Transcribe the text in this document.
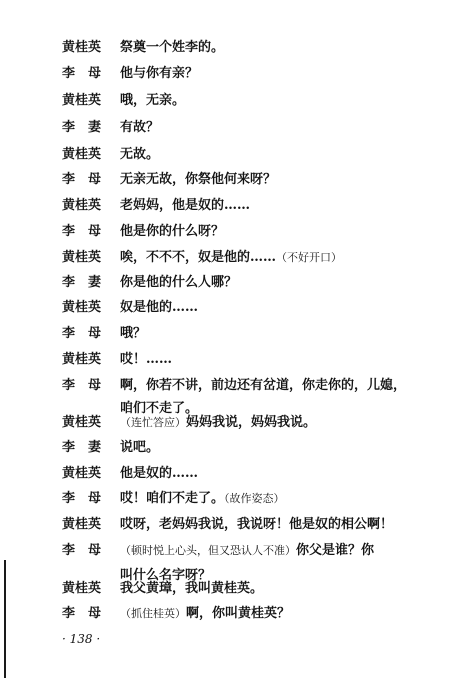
黄桂英 祭奠一个姓李的。
李　母 他与你有亲？
黄桂英 哦，无亲。
李　妻 有故？
黄桂英 无故。
李　母 无亲无故，你祭他何来呀？
黄桂英 老妈妈，他是奴的……
李　母 他是你的什么呀？
黄桂英 唉，不不不，奴是他的……（不好开口）
李　妻 你是他的什么人哪？
黄桂英 奴是他的……
李　母 哦？
黄桂英 哎！……
李　母 啊，你若不讲，前边还有岔道，你走你的，儿媳，
咱们不走了。
黄桂英 （连忙答应）妈妈我说，妈妈我说。
李　妻 说吧。
黄桂英 他是奴的……
李　母 哎！咱们不走了。（故作姿态）
黄桂英 哎呀，老妈妈我说，我说呀！他是奴的相公啊！
李　母 （顿时悦上心头，但又恐认人不准）你父是谁？你
叫什么名字呀？
黄桂英 我父黄璋，我叫黄桂英。
李　母 （抓住桂英）啊，你叫黄桂英？
· 138 ·
